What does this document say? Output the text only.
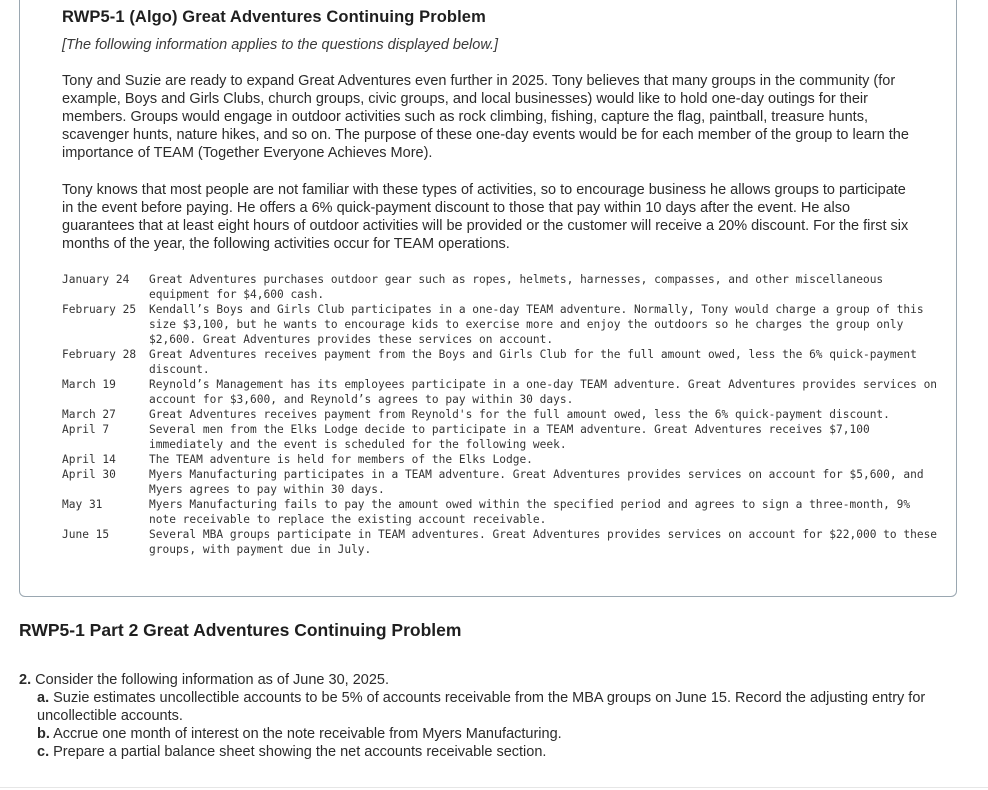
RWP5-1 (Algo) Great Adventures Continuing Problem

[The following information applies to the questions displayed below.]

Tony and Suzie are ready to expand Great Adventures even further in 2025. Tony believes that many groups in the community (for example, Boys and Girls Clubs, church groups, civic groups, and local businesses) would like to hold one-day outings for their members. Groups would engage in outdoor activities such as rock climbing, fishing, capture the flag, paintball, treasure hunts, scavenger hunts, nature hikes, and so on. The purpose of these one-day events would be for each member of the group to learn the importance of TEAM (Together Everyone Achieves More).

Tony knows that most people are not familiar with these types of activities, so to encourage business he allows groups to participate in the event before paying. He offers a 6% quick-payment discount to those that pay within 10 days after the event. He also guarantees that at least eight hours of outdoor activities will be provided or the customer will receive a 20% discount. For the first six months of the year, the following activities occur for TEAM operations.

January 24	Great Adventures purchases outdoor gear such as ropes, helmets, harnesses, compasses, and other miscellaneous equipment for $4,600 cash.
February 25	Kendall’s Boys and Girls Club participates in a one-day TEAM adventure. Normally, Tony would charge a group of this size $3,100, but he wants to encourage kids to exercise more and enjoy the outdoors so he charges the group only $2,600. Great Adventures provides these services on account.
February 28	Great Adventures receives payment from the Boys and Girls Club for the full amount owed, less the 6% quick-payment discount.
March 19	Reynold’s Management has its employees participate in a one-day TEAM adventure. Great Adventures provides services on account for $3,600, and Reynold’s agrees to pay within 30 days.
March 27	Great Adventures receives payment from Reynold's for the full amount owed, less the 6% quick-payment discount.
April 7	Several men from the Elks Lodge decide to participate in a TEAM adventure. Great Adventures receives $7,100 immediately and the event is scheduled for the following week.
April 14	The TEAM adventure is held for members of the Elks Lodge.
April 30	Myers Manufacturing participates in a TEAM adventure. Great Adventures provides services on account for $5,600, and Myers agrees to pay within 30 days.
May 31	Myers Manufacturing fails to pay the amount owed within the specified period and agrees to sign a three-month, 9% note receivable to replace the existing account receivable.
June 15	Several MBA groups participate in TEAM adventures. Great Adventures provides services on account for $22,000 to these groups, with payment due in July.
RWP5-1 Part 2 Great Adventures Continuing Problem

2. Consider the following information as of June 30, 2025.

a. Suzie estimates uncollectible accounts to be 5% of accounts receivable from the MBA groups on June 15. Record the adjusting entry for uncollectible accounts.

b. Accrue one month of interest on the note receivable from Myers Manufacturing.

c. Prepare a partial balance sheet showing the net accounts receivable section.
